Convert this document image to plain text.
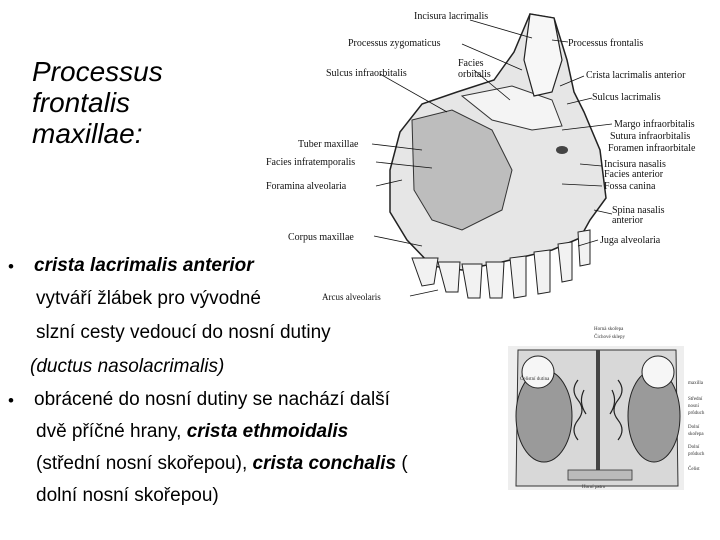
Processus
frontalis
maxillae:
Incisura lacrimalis
Processus zygomaticus	Processus frontalis
Facies
orbitalis
Sulcus infraorbitalis	Crista lacrimalis anterior
Sulcus lacrimalis
Margo infraorbitalis
Sutura infraorbitalis
Foramen infraorbitale
Tuber maxillae
Facies infratemporalis
Foramina alveolaria
Incisura nasalis
Facies anterior
Fossa canina
Spina nasalis
anterior
Corpus maxillae	Juga alveolaria
Arcus alveolaris
Hornà skořepa
Čichové sklepy
Čelistní dutina
Horní patro
maxilla
Střední
nosní
průduch
Dolní
skořepa
Dolní
průduch
Čelist
• crista lacrimalis anterior
vytváří žlábek pro vývodné
slzní cesty vedoucí do nosní dutiny
(ductus nasolacrimalis)
• obrácené do nosní dutiny se nachází další
dvě příčné hrany, crista ethmoidalis
(střední nosní skořepou), crista conchalis (
dolní nosní skořepou)
